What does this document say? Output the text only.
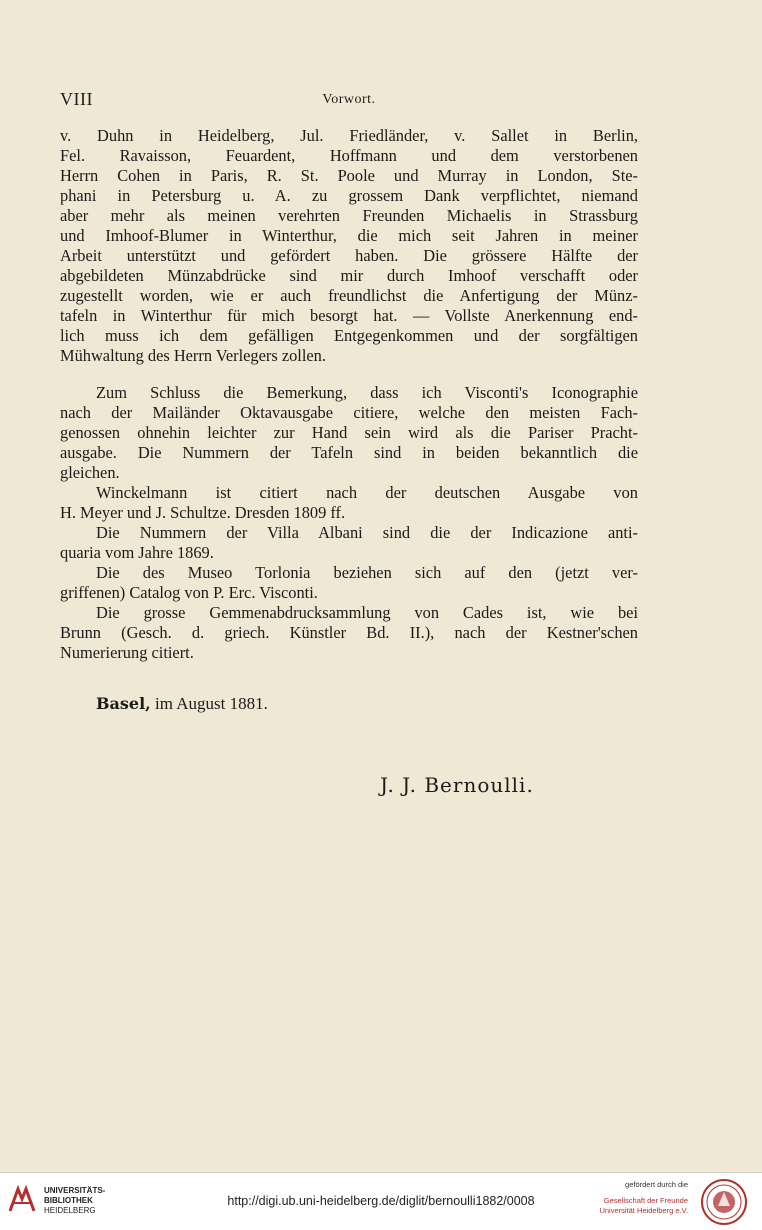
VIII	Vorwort.
v. Duhn in Heidelberg, Jul. Friedländer, v. Sallet in Berlin,
Fel. Ravaisson, Feuardent, Hoffmann und dem verstorbenen
Herrn Cohen in Paris, R. St. Poole und Murray in London, Ste-
phani in Petersburg u. A. zu grossem Dank verpflichtet, niemand
aber mehr als meinen verehrten Freunden Michaelis in Strassburg
und Imhoof-Blumer in Winterthur, die mich seit Jahren in meiner
Arbeit unterstützt und gefördert haben. Die grössere Hälfte der
abgebildeten Münzabdrücke sind mir durch Imhoof verschafft oder
zugestellt worden, wie er auch freundlichst die Anfertigung der Münz-
tafeln in Winterthur für mich besorgt hat. — Vollste Anerkennung end-
lich muss ich dem gefälligen Entgegenkommen und der sorgfältigen
Mühwaltung des Herrn Verlegers zollen.
Zum Schluss die Bemerkung, dass ich Visconti's Iconographie
nach der Mailänder Oktavausgabe citiere, welche den meisten Fach-
genossen ohnehin leichter zur Hand sein wird als die Pariser Pracht-
ausgabe. Die Nummern der Tafeln sind in beiden bekanntlich die
gleichen.
Winckelmann ist citiert nach der deutschen Ausgabe von
H. Meyer und J. Schultze. Dresden 1809 ff.
Die Nummern der Villa Albani sind die der Indicazione anti-
quaria vom Jahre 1869.
Die des Museo Torlonia beziehen sich auf den (jetzt ver-
griffenen) Catalog von P. Erc. Visconti.
Die grosse Gemmenabdrucksammlung von Cades ist, wie bei
Brunn (Gesch. d. griech. Künstler Bd. II.), nach der Kestner'schen
Numerierung citiert.
Basel, im August 1881.
J. J. Bernoulli.
UNIVERSITÄTS-
BIBLIOTHEK
HEIDELBERG
http://digi.ub.uni-heidelberg.de/diglit/bernoulli1882/0008
gefördert durch die
Gesellschaft der Freunde
Universität Heidelberg e.V.
